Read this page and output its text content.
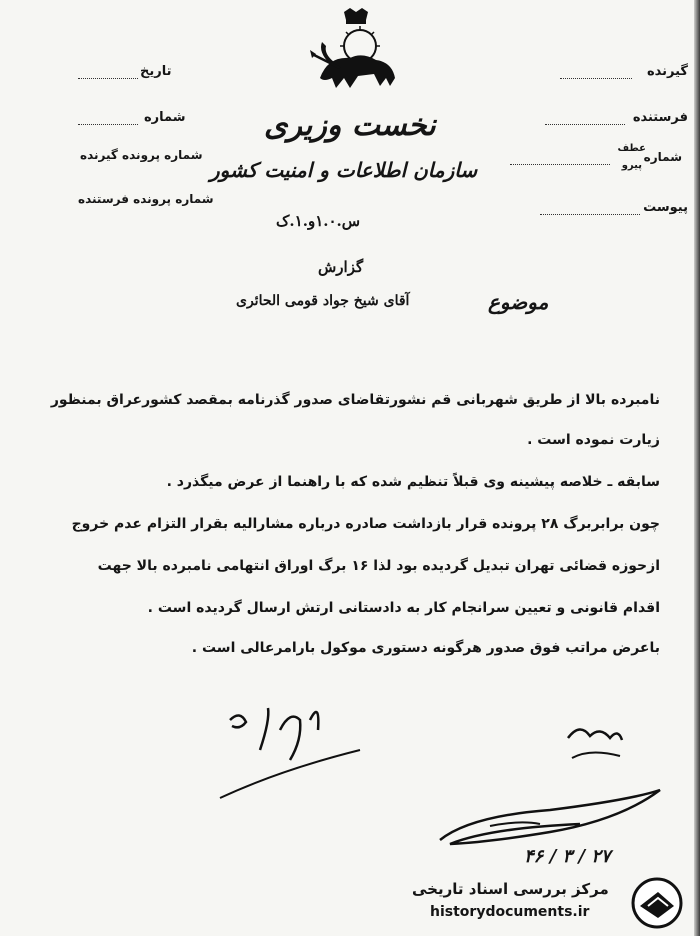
گیرنده
فرستنده
شماره
عطف
پیرو
پیوست
تاریخ
شماره
شماره پرونده گیرنده
شماره پرونده فرستنده
نخست وزیری
سازمان اطلاعات و امنیت کشور
س.۱.۰و.۱.ک
گزارش
موضوع
آقای شیخ جواد قومی الحائری
نامبرده بالا از طریق شهربانی قم نشورتقاضای صدور گذرنامه بمقصد کشورعراق بمنظور
زیارت نموده است .
سابقه ـ خلاصه پیشینه وی قبلاً تنظیم شده که با راهنما از عرض میگذرد .
چون برابربرگ ۲۸ پرونده قرار بازداشت صادره درباره مشارالیه بقرار التزام عدم خروج
ازحوزه قضائی تهران تبدیل گردیده بود لذا ۱۶ برگ اوراق انتهامی نامبرده بالا جهت
اقدام قانونی و تعیین سرانجام کار به دادستانی ارتش ارسال گردیده است .
باعرض مراتب فوق صدور هرگونه دستوری موکول بارامرعالی است .
۲۷ / ۳ / ۴۶
مرکز بررسی اسناد تاریخی
historydocuments.ir
